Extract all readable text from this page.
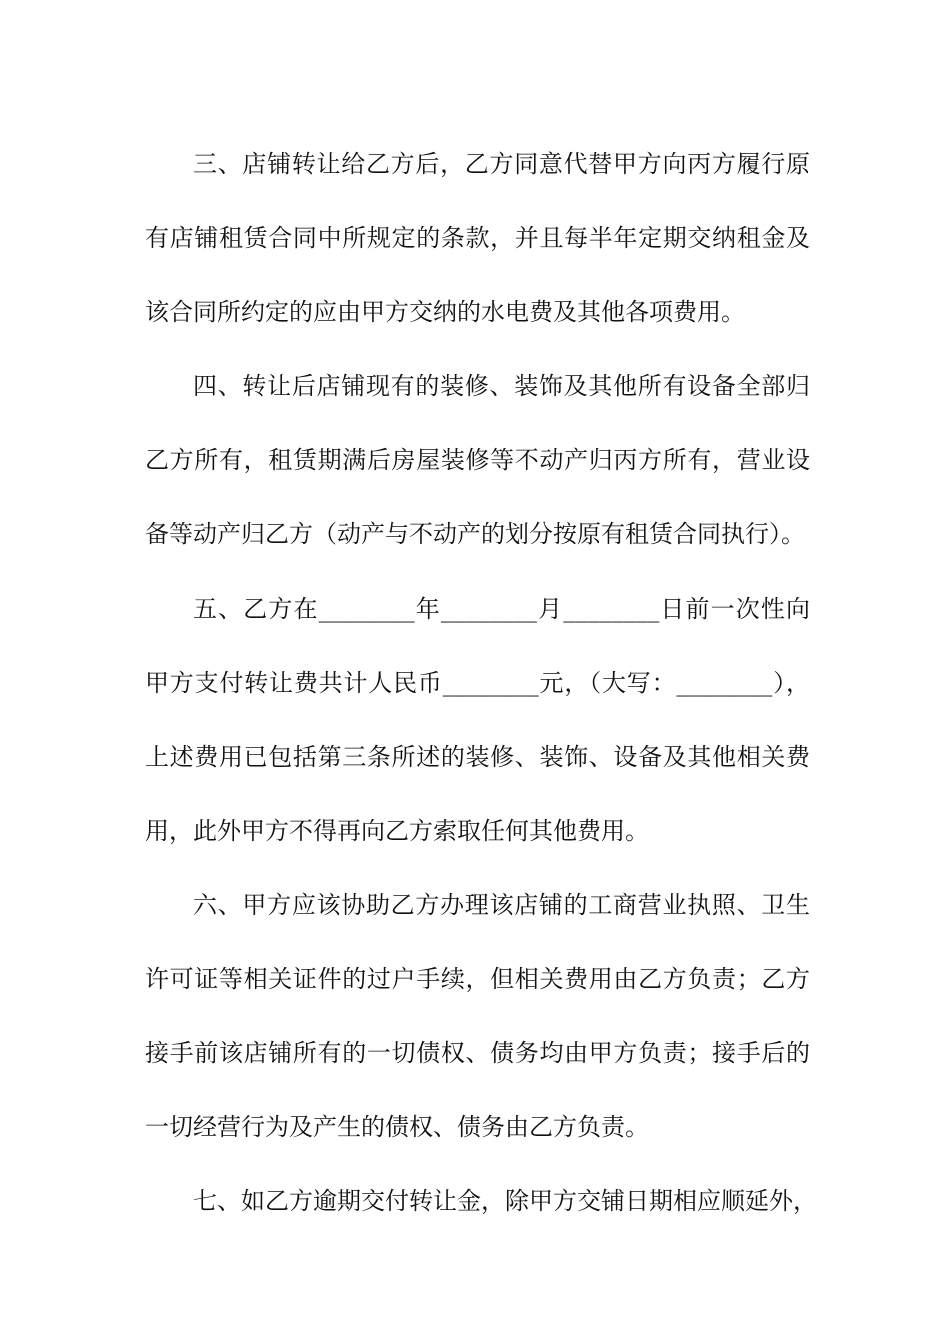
三、店铺转让给乙方后，乙方同意代替甲方向丙方履行原
有店铺租赁合同中所规定的条款，并且每半年定期交纳租金及
该合同所约定的应由甲方交纳的水电费及其他各项费用。
四、转让后店铺现有的装修、装饰及其他所有设备全部归
乙方所有，租赁期满后房屋装修等不动产归丙方所有，营业设
备等动产归乙方（动产与不动产的划分按原有租赁合同执行）。
五、乙方在________年________月________日前一次性向
甲方支付转让费共计人民币________元，（大写：________），
上述费用已包括第三条所述的装修、装饰、设备及其他相关费
用，此外甲方不得再向乙方索取任何其他费用。
六、甲方应该协助乙方办理该店铺的工商营业执照、卫生
许可证等相关证件的过户手续，但相关费用由乙方负责；乙方
接手前该店铺所有的一切债权、债务均由甲方负责；接手后的
一切经营行为及产生的债权、债务由乙方负责。
七、如乙方逾期交付转让金，除甲方交铺日期相应顺延外，
